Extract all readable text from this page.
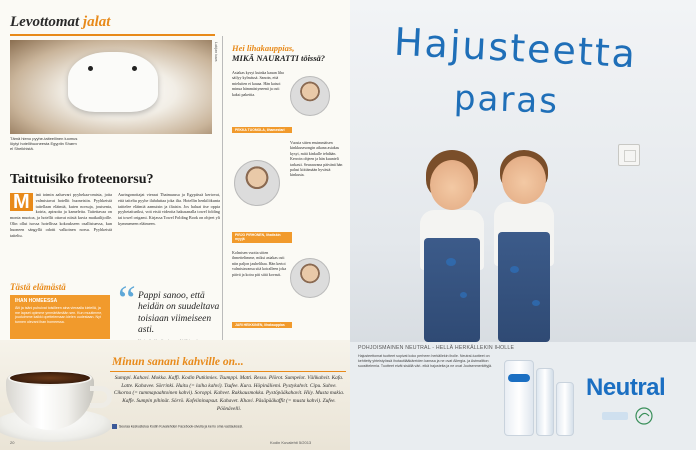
Levottomat jalat
Tämä hieno pyyhe-taiteellinen luomus löytyi hotellihuoneesta Egyptin Sharm el Sheikhistä.
Lukijan kuva
Taittuisiko froteenorsu?
M	inä toimin aaluevari pyyhekaa-omista, joita valmistavat hotellit huoneisiin. Pyyhkeistä taitellaan eläimiä, kuten norsuja, joutsenia, koiria, apinoita ja kameleita. Taitettavaa on monta muotoa, ja hotellit ottavat niistä kuvia matkailijoille. Olin ollut isossa hotellissa kokoukseen osallistuessa, kun huoneen sängyllä odotti valkoinen norsu. Pyyhkeistä taiteltu.
Auringonottajat vieraat Thaimaassa ja Egyptissä kertovat, että taiteltu pyyhe ilahduttaa joka ilta. Hotellin henkilökunta taittelee eläimiä aamuisin ja iltaisin. Jos haluat itse oppia pyyhetaituriksi, voit etsiä videoita hakusanalla towel folding tai towel origami. Kirjassa Towel Folding Book on ohjeet yli kymmeneen eläimeen.
Tästä elämästä
IHAN HOMEESSA
Äiti ja isäni puhuivat toisilleen aina vieraalla kielellä, ja me lapset opimme ymmärtämään sen. Kun muutimme, jouduimme kaikki opettelemaan kielen uudestaan. Nyt tunnen olevani ihan homeessa.
“ Pappi sanoo, että heidän on suudeltava toisiaan viimeiseen asti.
Hei lihakauppias,
MIKÄ NAURATTI töissä?
Asiakas kysyi kuinka kauan liha säilyy kylmässä. Sanoin, että mieluiten ei kauaa. Hän katsoi minua hämmästyneenä ja osti kaksi pakettia.
PEKKA TUOMOLA, lihamestari
Vuosia sitten ensimmäisen kinkkusesongin aikana asiakas kysyi, mitä kinkulle tehdään. Kerroin ohjeen ja hän kuunteli tarkasti. Seuraavana päivänä hän palasi kiittämään hyvästä kinkusta.
PIRJO PIRHONEN, lihatiskin myyjä
Kolmisen vuotta sitten ihmettelimme, miksi asiakas osti niin paljon jauhelihaa. Hän kertoi valmistavansa sitä koiralleen joka päivä ja koira piti siitä kovasti.
JARI HEIKKINEN, lihakauppias
Minun sanani kahville on...
Sumppi. Kahavi. Mokka. Kaffi. Kodin Putkimies. Tsumppi. Matti. Resso. Plörot. Sumpelot. Välikahvit. Kafa. Latte. Kahavee. Sörrinki. Huitu (= laiha kahvi). Tsufee. Kura. Höpinäliemi. Pystykahvit. Cipu. Suhve. Cikorna (= tummapaahtoinen kahvi). Soroppi. Kahvet. Rakkausmokka. Pystöpääkahavit. Hiiy. Musta makia. Kaffe. Sumpin pihinät. Sörrö. Kofeiininapsut. Kahavet. Khavi. Päsäpääkaffit (= musta kahvi). Zufee. Pöönävelli.
Seuraa keskustelua Kodin Kuvalehden Facebook-sivulla ja kerro oma vastauksesi.
20	Kodin Kuvalehti 5/2013
Hajusteetta
paras
POHJOISMAINEN NEUTRAL - HELLÄ HERKÄLLEKIN IHOLLE
Hajusteettomat tuotteet sopivat koko perheen herkällekin iholle. Neutral-tuotteet on kehitetty yhteistyössä ihotautilääkäreiden kanssa ja ne ovat Allergia- ja Astmaliiton suosittelemia. Tuotteet eivät sisällä väri- eikä hajusteita ja ne ovat Joutsenmerkittyjä.
Neutral
